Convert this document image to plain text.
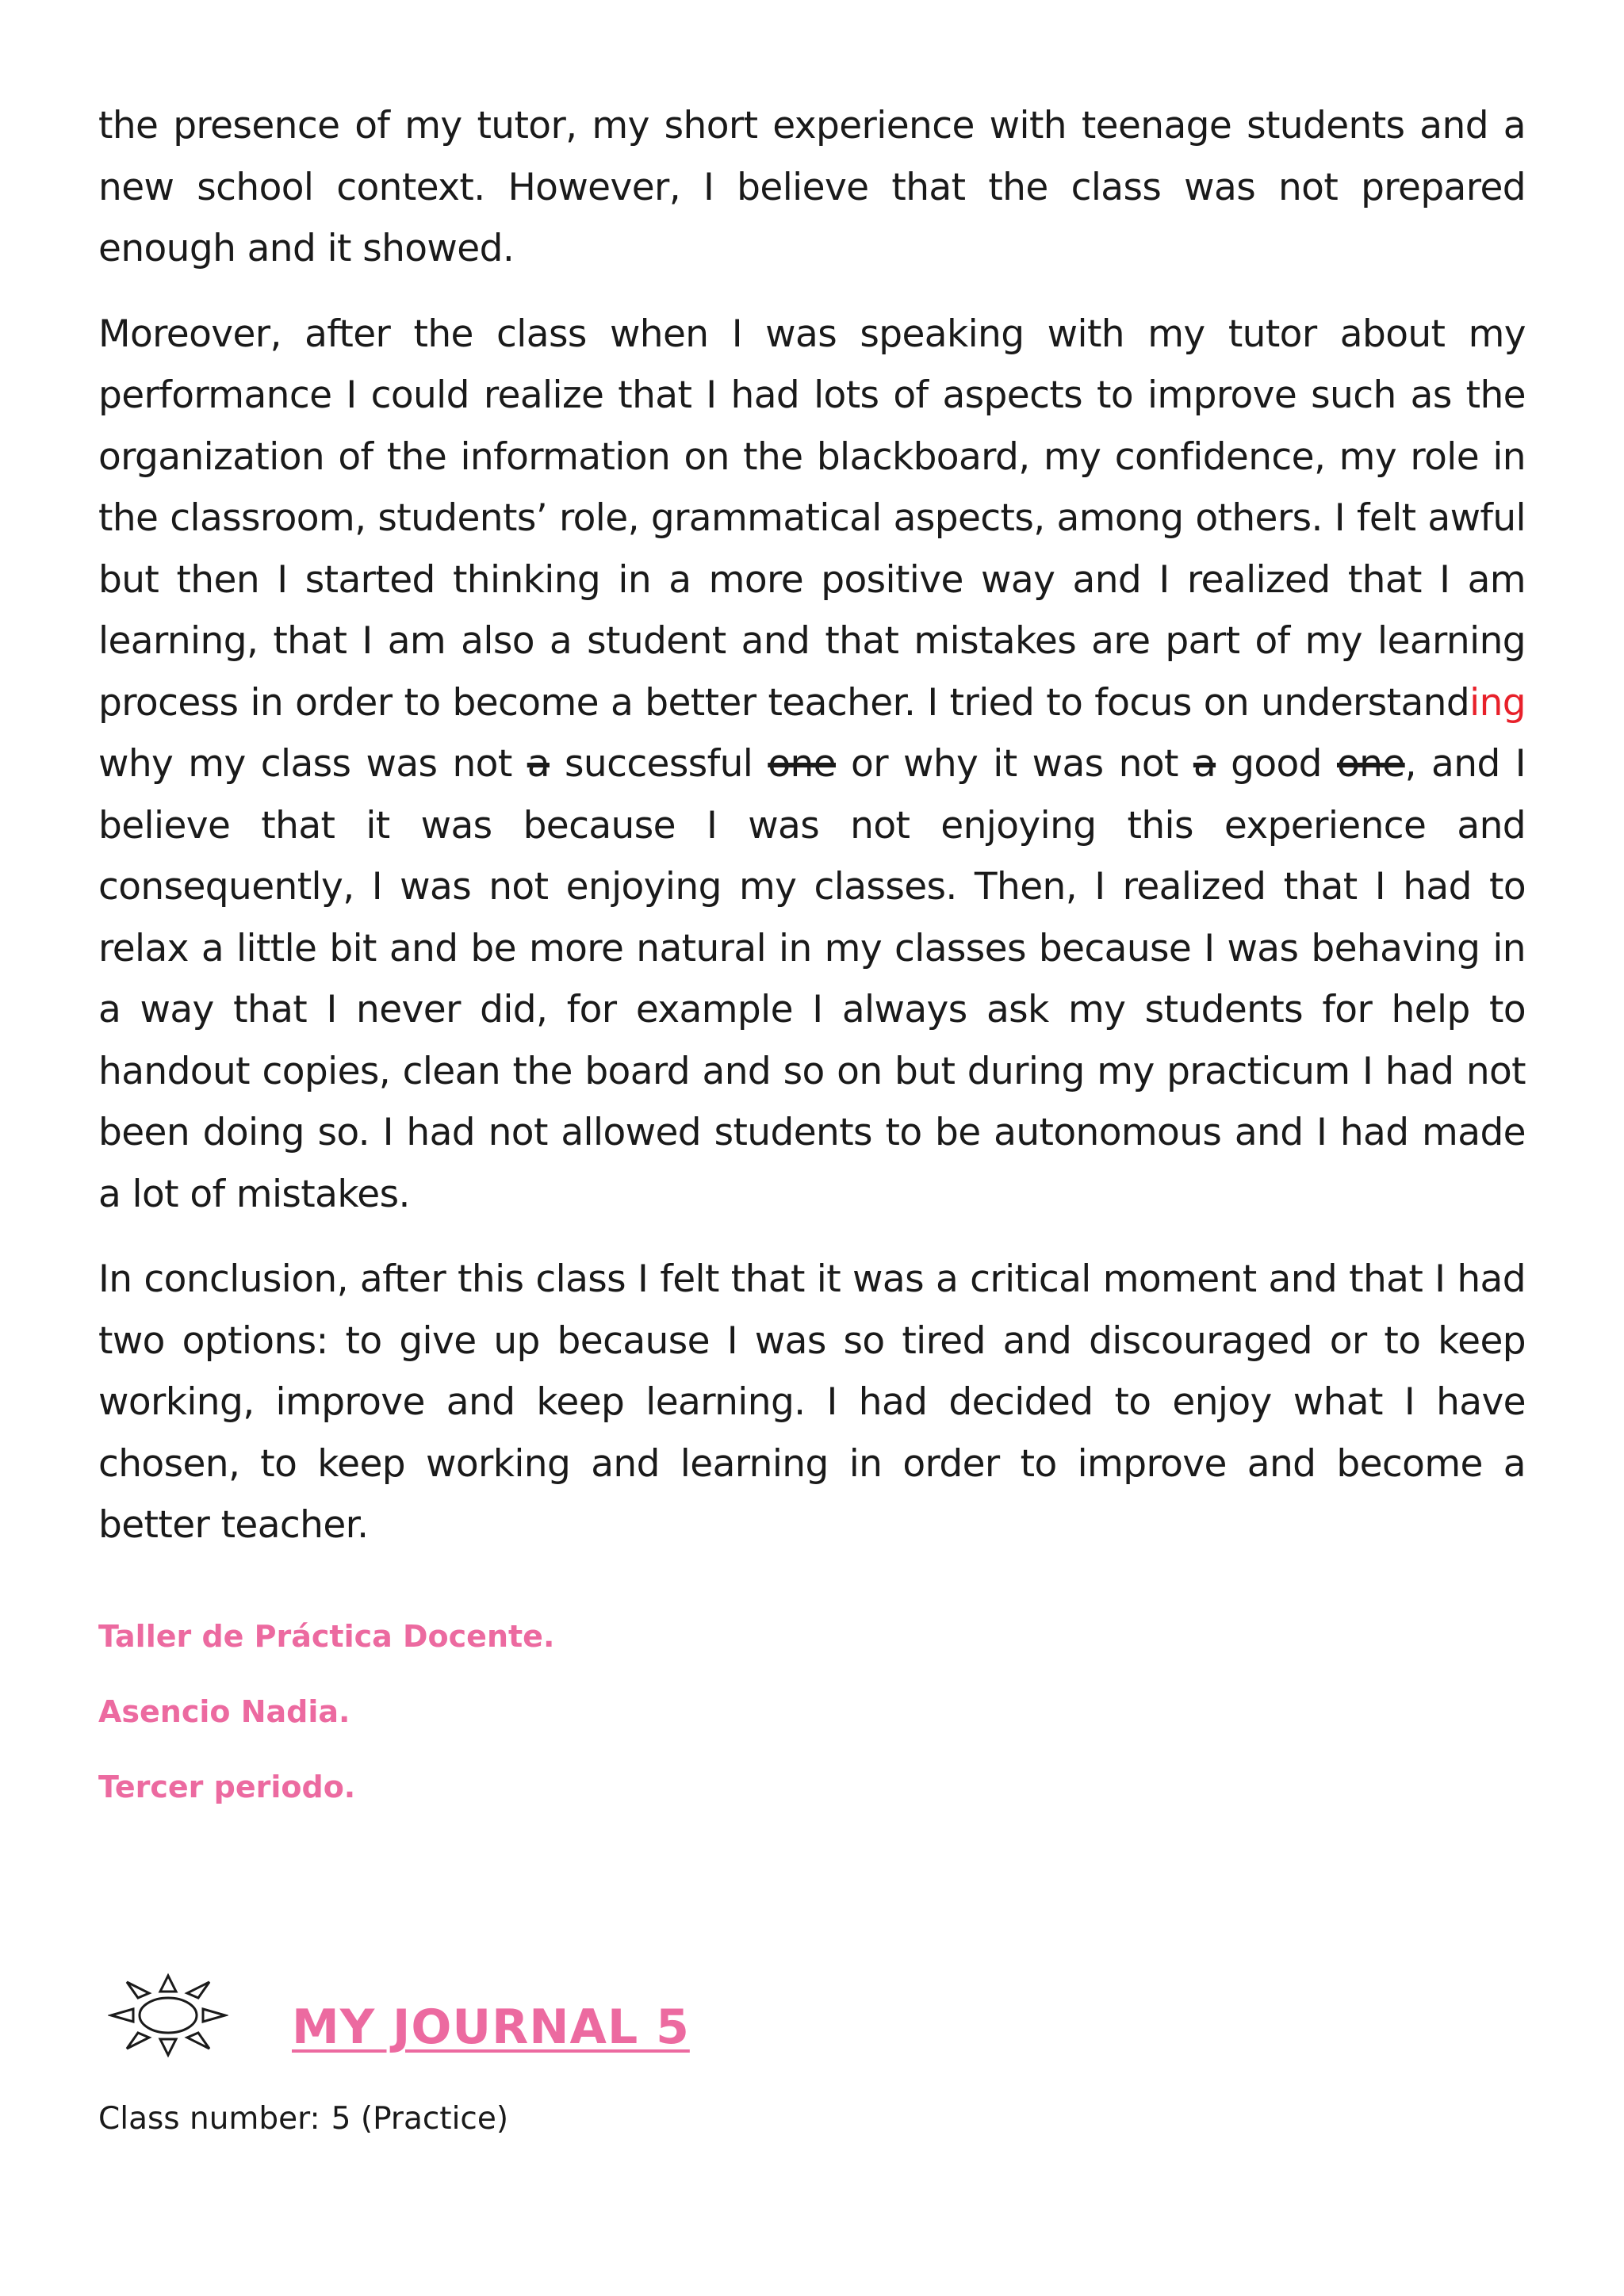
the presence of my tutor, my short experience with teenage students and a new school context. However, I believe that the class was not prepared enough and it showed.

Moreover, after the class when I was speaking with my tutor about my performance I could realize that I had lots of aspects to improve such as the organization of the information on the blackboard, my confidence, my role in the classroom, students’ role, grammatical aspects, among others. I felt awful but then I started thinking in a more positive way and I realized that I am learning, that I am also a student and that mistakes are part of my learning process in order to become a better teacher. I tried to focus on understanding why my class was not a successful one or why it was not a good one, and I believe that it was because I was not enjoying this experience and consequently, I was not enjoying my classes. Then, I realized that I had to relax a little bit and be more natural in my classes because I was behaving in a way that I never did, for example I always ask my students for help to handout copies, clean the board and so on but during my practicum I had not been doing so. I had not allowed students to be autonomous and I had made a lot of mistakes.

In conclusion, after this class I felt that it was a critical moment and that I had two options: to give up because I was so tired and discouraged or to keep working, improve and keep learning. I had decided to enjoy what I have chosen, to keep working and learning in order to improve and become a better teacher.

Taller de Práctica Docente.
Asencio Nadia.
Tercer periodo.
MY JOURNAL 5
Class number: 5 (Practice)
